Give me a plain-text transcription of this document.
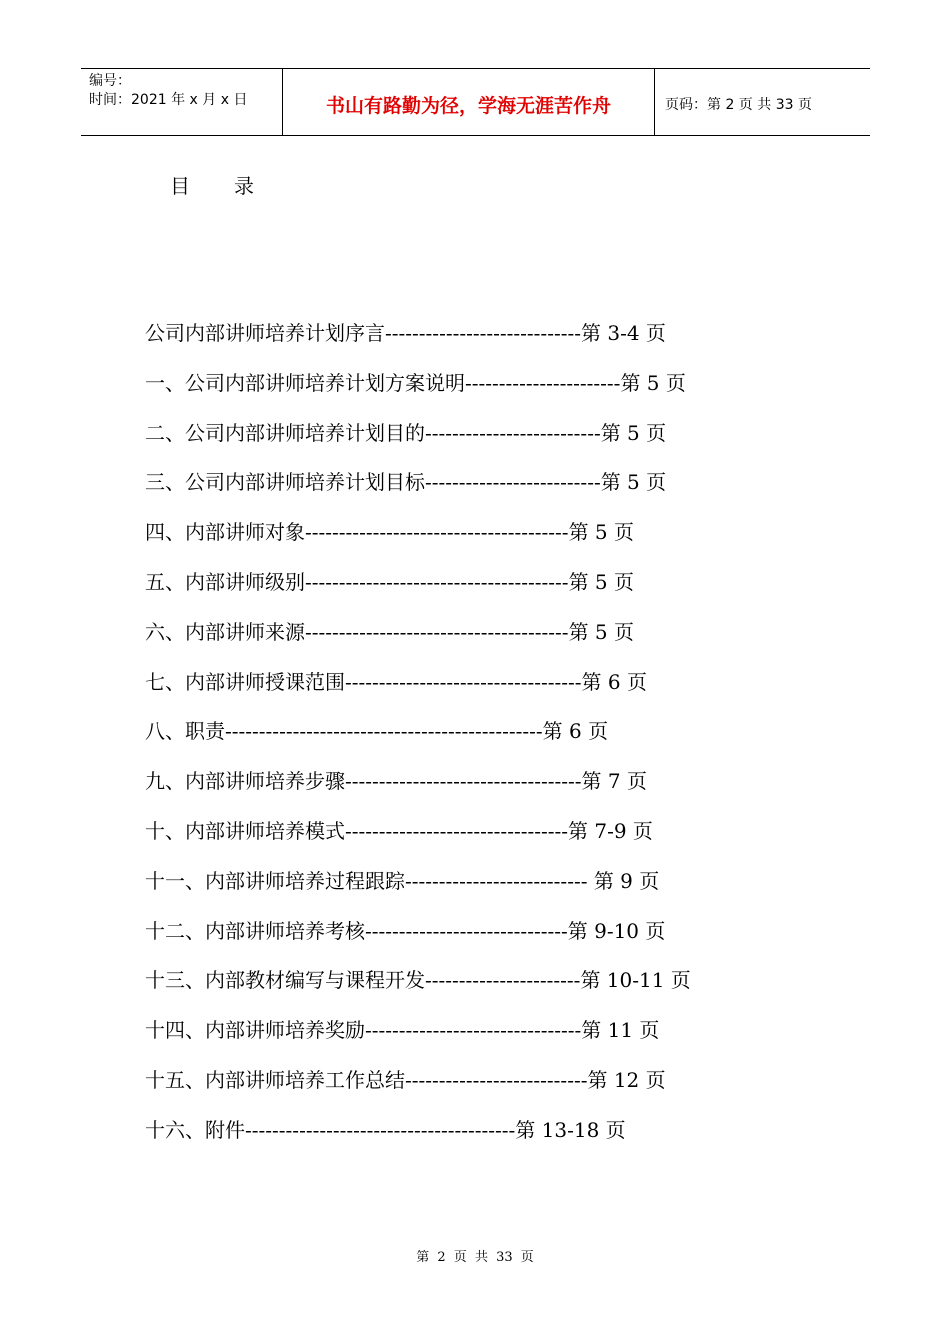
编号：
时间：2021 年 x 月 x 日	书山有路勤为径，学海无涯苦作舟	页码：第 2 页 共 33 页
目 录
公司内部讲师培养计划序言-----------------------------第 3-4 页
一、公司内部讲师培养计划方案说明-----------------------第 5 页
二、公司内部讲师培养计划目的--------------------------第 5 页
三、公司内部讲师培养计划目标--------------------------第 5 页
四、内部讲师对象---------------------------------------第 5 页
五、内部讲师级别---------------------------------------第 5 页
六、内部讲师来源---------------------------------------第 5 页
七、内部讲师授课范围-----------------------------------第 6 页
八、职责-----------------------------------------------第 6 页
九、内部讲师培养步骤-----------------------------------第 7 页
十、内部讲师培养模式---------------------------------第 7-9 页
十一、内部讲师培养过程跟踪--------------------------- 第 9 页
十二、内部讲师培养考核------------------------------第 9-10 页
十三、内部教材编写与课程开发-----------------------第 10-11 页
十四、内部讲师培养奖励--------------------------------第 11 页
十五、内部讲师培养工作总结---------------------------第 12 页
十六、附件----------------------------------------第 13-18 页
第 2 页 共 33 页
